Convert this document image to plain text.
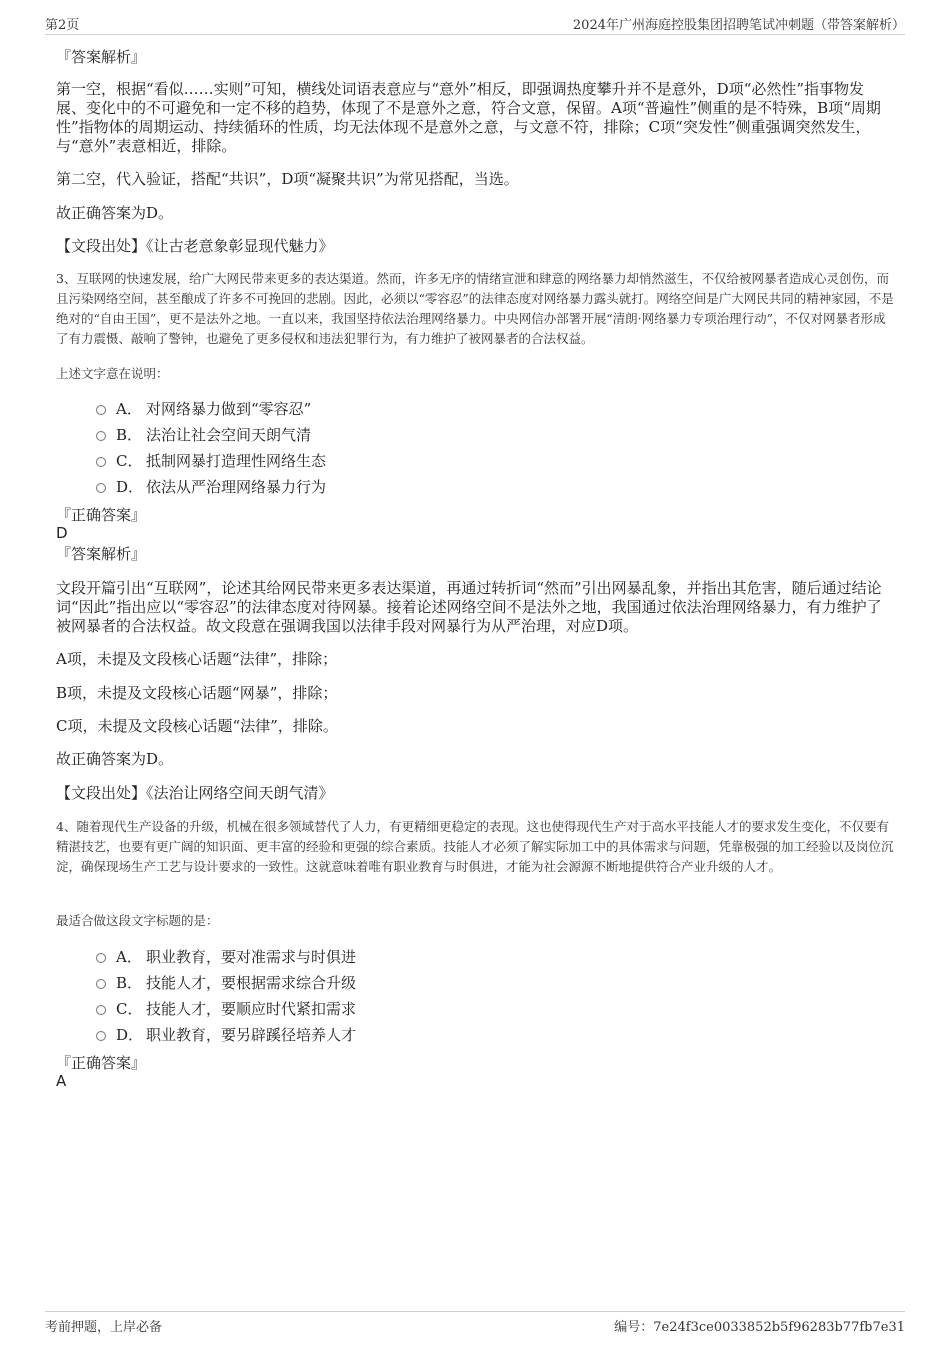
第2页	2024年广州海庭控股集团招聘笔试冲刺题（带答案解析）
『答案解析』
第一空，根据“看似……实则”可知，横线处词语表意应与“意外”相反，即强调热度攀升并不是意外，D项“必然性”指事物发展、变化中的不可避免和一定不移的趋势，体现了不是意外之意，符合文意，保留。A项“普遍性”侧重的是不特殊，B项“周期性”指物体的周期运动、持续循环的性质，均无法体现不是意外之意，与文意不符，排除；C项“突发性”侧重强调突然发生，与“意外”表意相近，排除。
第二空，代入验证，搭配“共识”，D项“凝聚共识”为常见搭配，当选。
故正确答案为D。
【文段出处】《让古老意象彰显现代魅力》
3、互联网的快速发展，给广大网民带来更多的表达渠道。然而，许多无序的情绪宣泄和肆意的网络暴力却悄然滋生，不仅给被网暴者造成心灵创伤，而且污染网络空间，甚至酿成了许多不可挽回的悲剧。因此，必须以“零容忍”的法律态度对网络暴力露头就打。网络空间是广大网民共同的精神家园，不是绝对的“自由王国”，更不是法外之地。一直以来，我国坚持依法治理网络暴力。中央网信办部署开展“清朗·网络暴力专项治理行动”，不仅对网暴者形成了有力震慑、敲响了警钟，也避免了更多侵权和违法犯罪行为，有力维护了被网暴者的合法权益。
上述文字意在说明：
A． 对网络暴力做到“零容忍”
B． 法治让社会空间天朗气清
C． 抵制网暴打造理性网络生态
D． 依法从严治理网络暴力行为
『正确答案』
D
『答案解析』
文段开篇引出“互联网”，论述其给网民带来更多表达渠道，再通过转折词“然而”引出网暴乱象，并指出其危害，随后通过结论词“因此”指出应以“零容忍”的法律态度对待网暴。接着论述网络空间不是法外之地，我国通过依法治理网络暴力，有力维护了被网暴者的合法权益。故文段意在强调我国以法律手段对网暴行为从严治理，对应D项。
A项，未提及文段核心话题“法律”，排除；
B项，未提及文段核心话题“网暴”，排除；
C项，未提及文段核心话题“法律”，排除。
故正确答案为D。
【文段出处】《法治让网络空间天朗气清》
4、随着现代生产设备的升级，机械在很多领域替代了人力，有更精细更稳定的表现。这也使得现代生产对于高水平技能人才的要求发生变化，不仅要有精湛技艺，也要有更广阔的知识面、更丰富的经验和更强的综合素质。技能人才必须了解实际加工中的具体需求与问题，凭靠极强的加工经验以及岗位沉淀，确保现场生产工艺与设计要求的一致性。这就意味着唯有职业教育与时俱进，才能为社会源源不断地提供符合产业升级的人才。
最适合做这段文字标题的是：
A． 职业教育，要对准需求与时俱进
B． 技能人才，要根据需求综合升级
C． 技能人才，要顺应时代紧扣需求
D． 职业教育，要另辟蹊径培养人才
『正确答案』
A
考前押题，上岸必备	编号：7e24f3ce0033852b5f96283b77fb7e31
